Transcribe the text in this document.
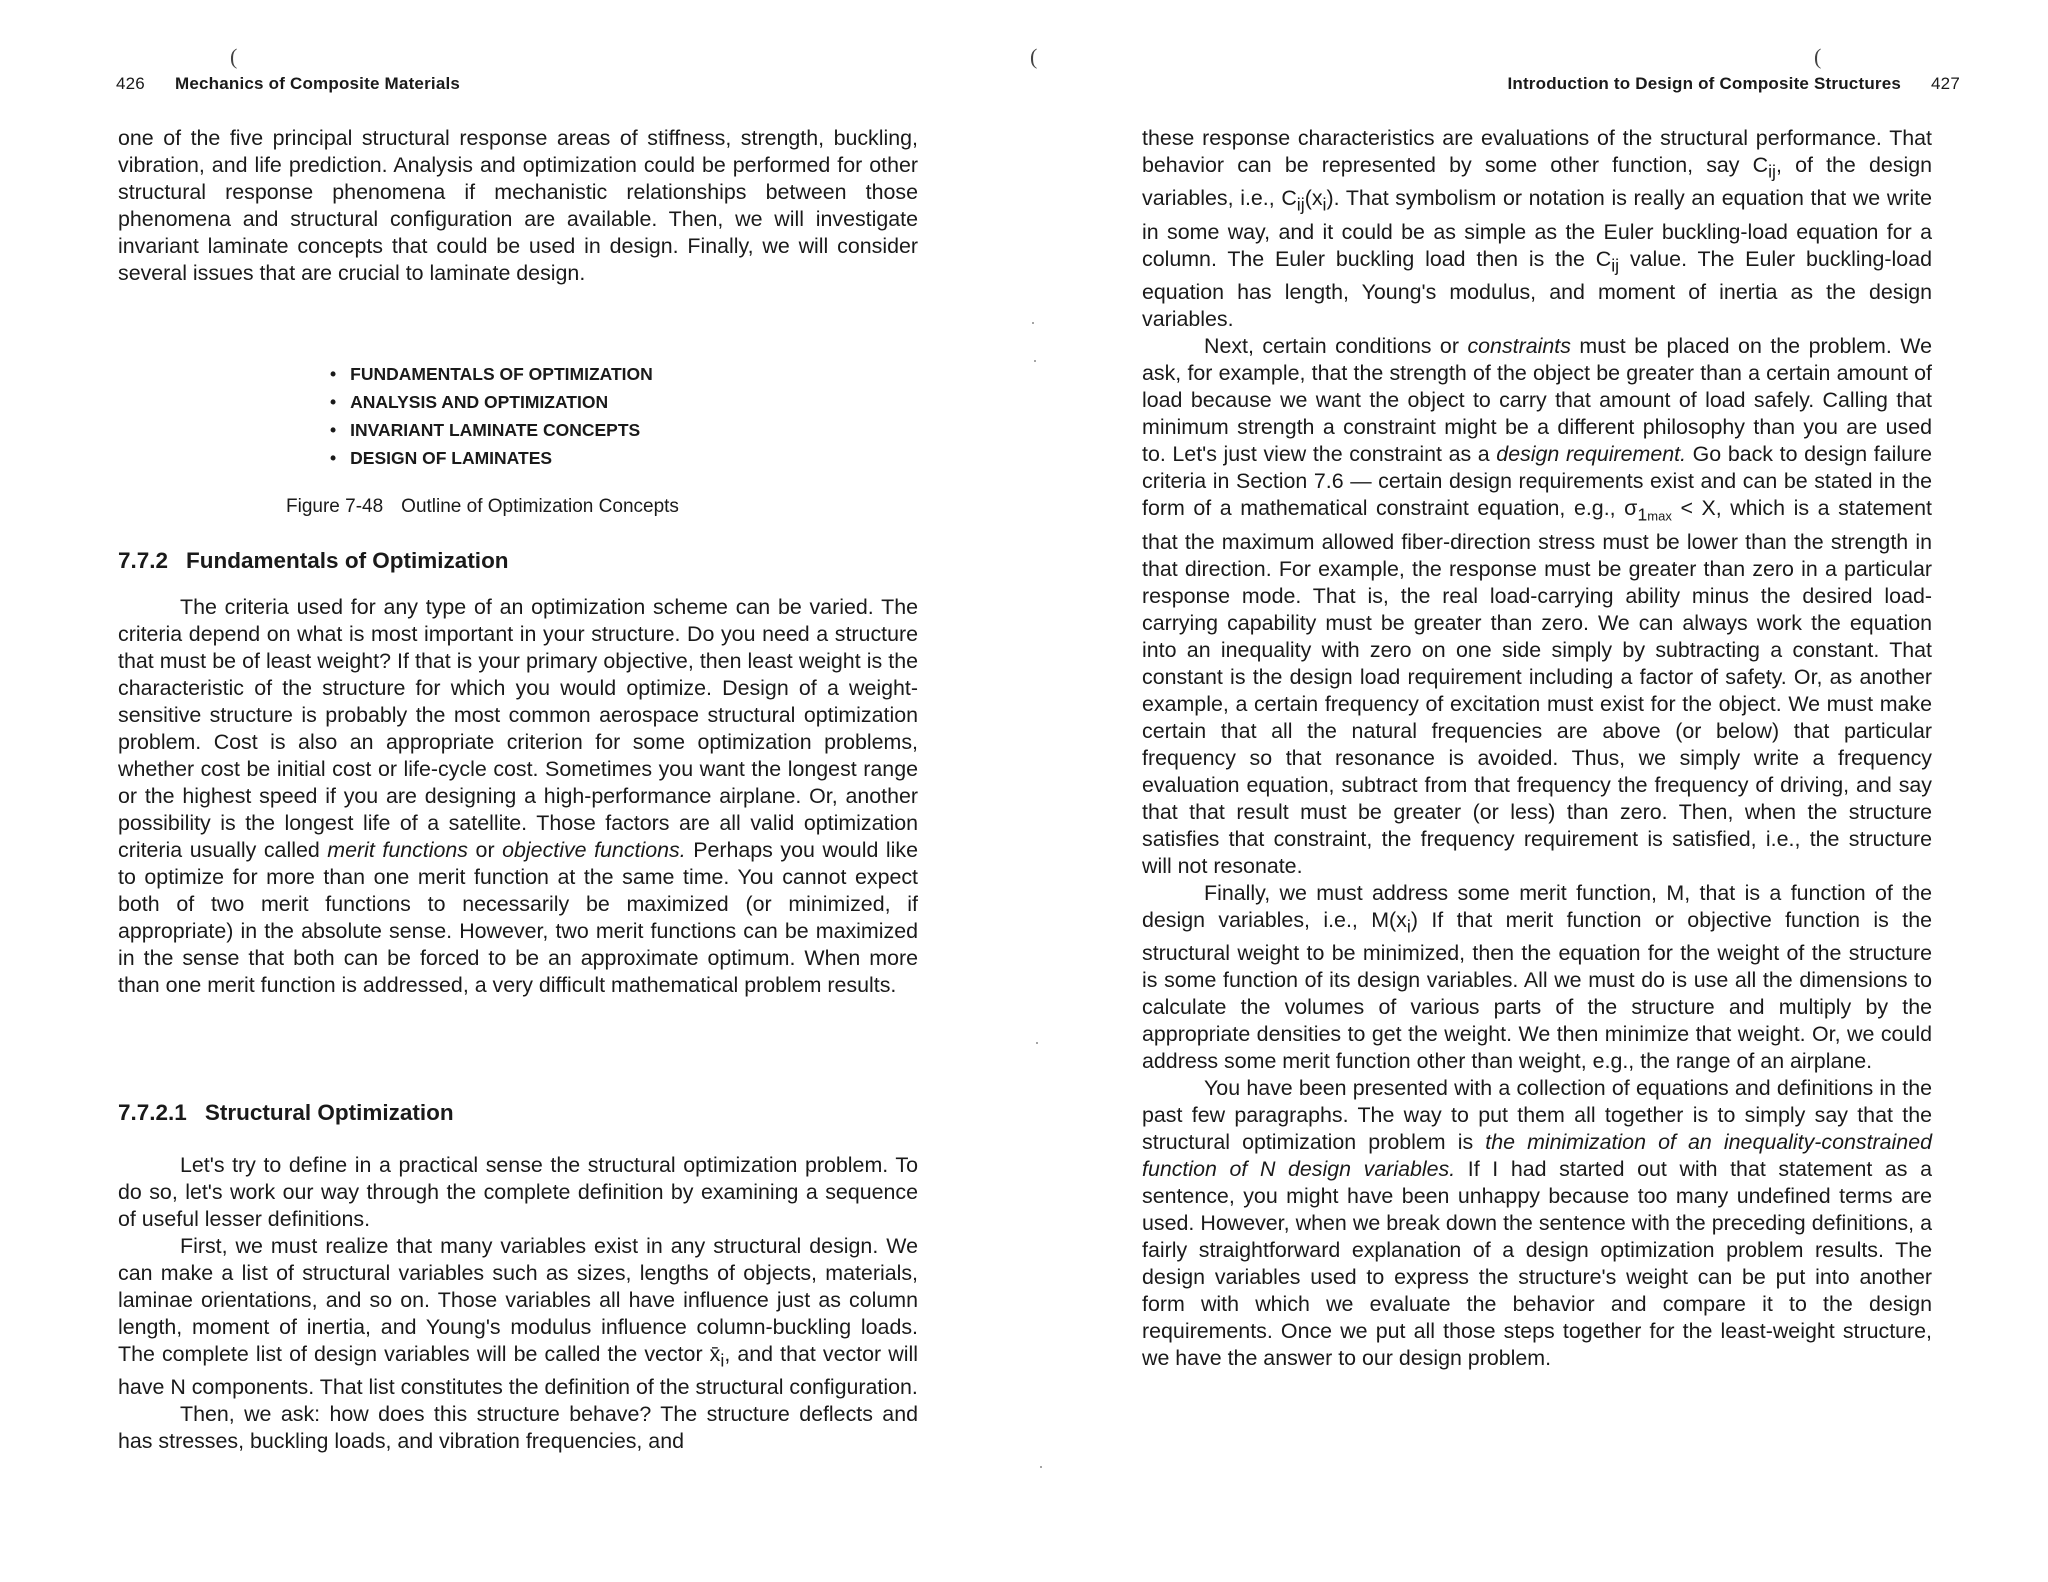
(
426 Mechanics of Composite Materials

one of the five principal structural response areas of stiffness, strength, buckling, vibration, and life prediction. Analysis and optimization could be performed for other structural response phenomena if mechanistic relationships between those phenomena and structural configuration are available. Then, we will investigate invariant laminate concepts that could be used in design. Finally, we will consider several issues that are crucial to laminate design.

• FUNDAMENTALS OF OPTIMIZATION
• ANALYSIS AND OPTIMIZATION
• INVARIANT LAMINATE CONCEPTS
• DESIGN OF LAMINATES
Figure 7-48 Outline of Optimization Concepts
7.7.2 Fundamentals of Optimization

The criteria used for any type of an optimization scheme can be varied. The criteria depend on what is most important in your structure. Do you need a structure that must be of least weight? If that is your primary objective, then least weight is the characteristic of the structure for which you would optimize. Design of a weight-sensitive structure is probably the most common aerospace structural optimization problem. Cost is also an appropriate criterion for some optimization problems, whether cost be initial cost or life-cycle cost. Sometimes you want the longest range or the highest speed if you are designing a high-performance airplane. Or, another possibility is the longest life of a satellite. Those factors are all valid optimization criteria usually called merit functions or objective functions. Perhaps you would like to optimize for more than one merit function at the same time. You cannot expect both of two merit functions to necessarily be maximized (or minimized, if appropriate) in the absolute sense. However, two merit functions can be maximized in the sense that both can be forced to be an approximate optimum. When more than one merit function is addressed, a very difficult mathematical problem results.

7.7.2.1 Structural Optimization

Let's try to define in a practical sense the structural optimization problem. To do so, let's work our way through the complete definition by examining a sequence of useful lesser definitions.

First, we must realize that many variables exist in any structural design. We can make a list of structural variables such as sizes, lengths of objects, materials, laminae orientations, and so on. Those variables all have influence just as column length, moment of inertia, and Young's modulus influence column-buckling loads. The complete list of design variables will be called the vector $x̄_i$, and that vector will have N components. That list constitutes the definition of the structural configuration.

Then, we ask: how does this structure behave? The structure deflects and has stresses, buckling loads, and vibration frequencies, and

(	(
Introduction to Design of Composite Structures 427

these response characteristics are evaluations of the structural performance. That behavior can be represented by some other function, say $C_{ij}$, of the design variables, i.e., $C_{ij}(x_i)$. That symbolism or notation is really an equation that we write in some way, and it could be as simple as the Euler buckling-load equation for a column. The Euler buckling load then is the $C_{ij}$ value. The Euler buckling-load equation has length, Young's modulus, and moment of inertia as the design variables.

Next, certain conditions or constraints must be placed on the problem. We ask, for example, that the strength of the object be greater than a certain amount of load because we want the object to carry that amount of load safely. Calling that minimum strength a constraint might be a different philosophy than you are used to. Let's just view the constraint as a design requirement. Go back to design failure criteria in Section 7.6 — certain design requirements exist and can be stated in the form of a mathematical constraint equation, e.g., $\sigma_{1max} < X$, which is a statement that the maximum allowed fiber-direction stress must be lower than the strength in that direction. For example, the response must be greater than zero in a particular response mode. That is, the real load-carrying ability minus the desired load-carrying capability must be greater than zero. We can always work the equation into an inequality with zero on one side simply by subtracting a constant. That constant is the design load requirement including a factor of safety. Or, as another example, a certain frequency of excitation must exist for the object. We must make certain that all the natural frequencies are above (or below) that particular frequency so that resonance is avoided. Thus, we simply write a frequency evaluation equation, subtract from that frequency the frequency of driving, and say that that result must be greater (or less) than zero. Then, when the structure satisfies that constraint, the frequency requirement is satisfied, i.e., the structure will not resonate.

Finally, we must address some merit function, M, that is a function of the design variables, i.e., $M(x_i)$ If that merit function or objective function is the structural weight to be minimized, then the equation for the weight of the structure is some function of its design variables. All we must do is use all the dimensions to calculate the volumes of various parts of the structure and multiply by the appropriate densities to get the weight. We then minimize that weight. Or, we could address some merit function other than weight, e.g., the range of an airplane.

You have been presented with a collection of equations and definitions in the past few paragraphs. The way to put them all together is to simply say that the structural optimization problem is the minimization of an inequality-constrained function of N design variables. If I had started out with that statement as a sentence, you might have been unhappy because too many undefined terms are used. However, when we break down the sentence with the preceding definitions, a fairly straightforward explanation of a design optimization problem results. The design variables used to express the structure's weight can be put into another form with which we evaluate the behavior and compare it to the design requirements. Once we put all those steps together for the least-weight structure, we have the answer to our design problem.
